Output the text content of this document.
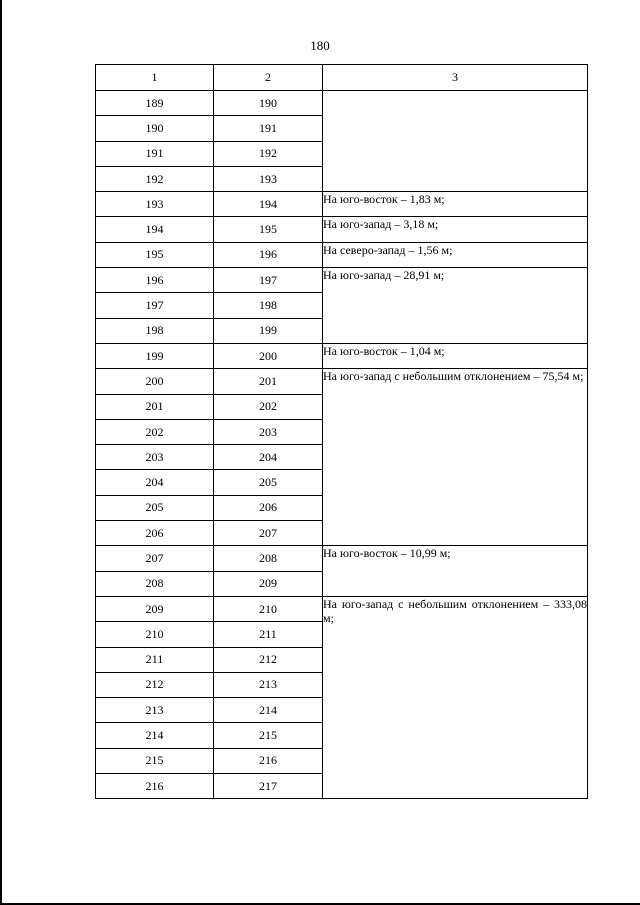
180
1	2	3
189	190	
190	191	
191	192	
192	193	
193	194	На юго-восток – 1,83 м;
194	195	На юго-запад – 3,18 м;
195	196	На северо-запад – 1,56 м;
196	197	На юго-запад – 28,91 м;
197	198	
198	199	
199	200	На юго-восток – 1,04 м;
200	201	На юго-запад с небольшим отклонением – 75,54 м;
201	202	
202	203	
203	204	
204	205	
205	206	
206	207	
207	208	На юго-восток – 10,99 м;
208	209	
209	210	На юго-запад с небольшим отклонением – 333,08 м;
210	211	
211	212	
212	213	
213	214	
214	215	
215	216	
216	217	
